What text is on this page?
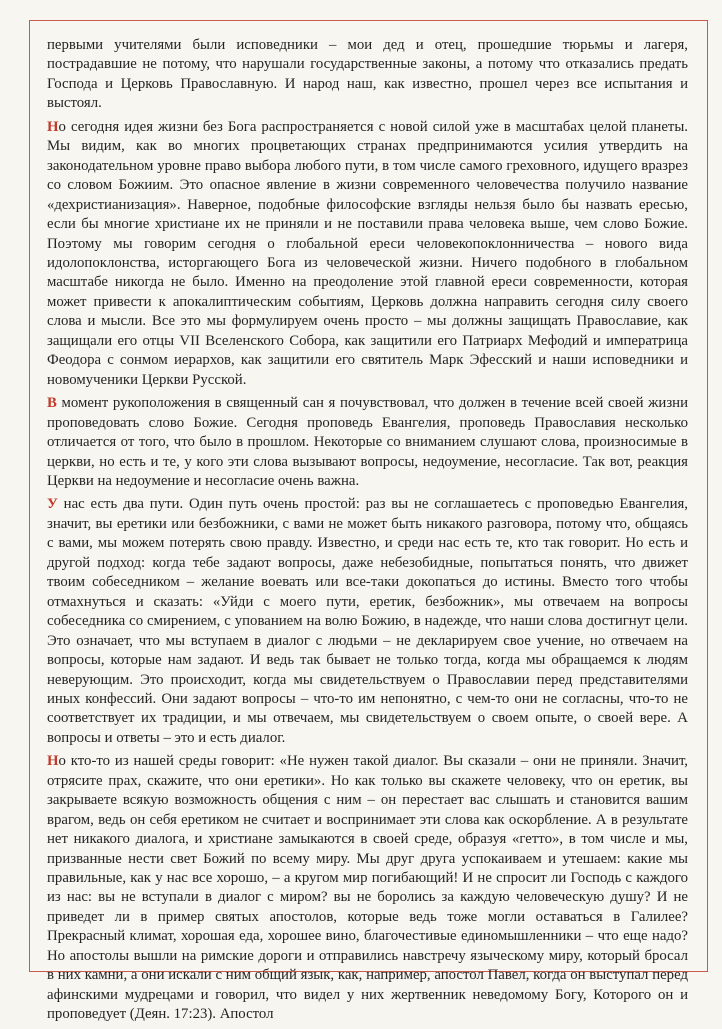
первыми учителями были исповедники – мои дед и отец, прошедшие тюрьмы и лагеря, пострадавшие не потому, что нарушали государственные законы, а потому что отказались предать Господа и Церковь Православную. И народ наш, как известно, прошел через все испытания и выстоял.

Но сегодня идея жизни без Бога распространяется с новой силой уже в масштабах целой планеты. Мы видим, как во многих процветающих странах предпринимаются усилия утвердить на законодательном уровне право выбора любого пути, в том числе самого греховного, идущего вразрез со словом Божиим. Это опасное явление в жизни современного человечества получило название «дехристианизация». Наверное, подобные философские взгляды нельзя было бы назвать ересью, если бы многие христиане их не приняли и не поставили права человека выше, чем слово Божие. Поэтому мы говорим сегодня о глобальной ереси человекопоклонничества – нового вида идолопоклонства, исторгающего Бога из человеческой жизни. Ничего подобного в глобальном масштабе никогда не было. Именно на преодоление этой главной ереси современности, которая может привести к апокалиптическим событиям, Церковь должна направить сегодня силу своего слова и мысли. Все это мы формулируем очень просто – мы должны защищать Православие, как защищали его отцы VII Вселенского Собора, как защитили его Патриарх Мефодий и императрица Феодора с сонмом иерархов, как защитили его святитель Марк Эфесский и наши исповедники и новомученики Церкви Русской.

В момент рукоположения в священный сан я почувствовал, что должен в течение всей своей жизни проповедовать слово Божие. Сегодня проповедь Евангелия, проповедь Православия несколько отличается от того, что было в прошлом. Некоторые со вниманием слушают слова, произносимые в церкви, но есть и те, у кого эти слова вызывают вопросы, недоумение, несогласие. Так вот, реакция Церкви на недоумение и несогласие очень важна.

У нас есть два пути. Один путь очень простой: раз вы не соглашаетесь с проповедью Евангелия, значит, вы еретики или безбожники, с вами не может быть никакого разговора, потому что, общаясь с вами, мы можем потерять свою правду. Известно, и среди нас есть те, кто так говорит. Но есть и другой подход: когда тебе задают вопросы, даже небезобидные, попытаться понять, что движет твоим собеседником – желание воевать или все-таки докопаться до истины. Вместо того чтобы отмахнуться и сказать: «Уйди с моего пути, еретик, безбожник», мы отвечаем на вопросы собеседника со смирением, с упованием на волю Божию, в надежде, что наши слова достигнут цели. Это означает, что мы вступаем в диалог с людьми – не декларируем свое учение, но отвечаем на вопросы, которые нам задают. И ведь так бывает не только тогда, когда мы обращаемся к людям неверующим. Это происходит, когда мы свидетельствуем о Православии перед представителями иных конфессий. Они задают вопросы – что-то им непонятно, с чем-то они не согласны, что-то не соответствует их традиции, и мы отвечаем, мы свидетельствуем о своем опыте, о своей вере. А вопросы и ответы – это и есть диалог.

Но кто-то из нашей среды говорит: «Не нужен такой диалог. Вы сказали – они не приняли. Значит, отрясите прах, скажите, что они еретики». Но как только вы скажете человеку, что он еретик, вы закрываете всякую возможность общения с ним – он перестает вас слышать и становится вашим врагом, ведь он себя еретиком не считает и воспринимает эти слова как оскорбление. А в результате нет никакого диалога, и христиане замыкаются в своей среде, образуя «гетто», в том числе и мы, призванные нести свет Божий по всему миру. Мы друг друга успокаиваем и утешаем: какие мы правильные, как у нас все хорошо, – а кругом мир погибающий! И не спросит ли Господь с каждого из нас: вы не вступали в диалог с миром? вы не боролись за каждую человеческую душу? И не приведет ли в пример святых апостолов, которые ведь тоже могли оставаться в Галилее? Прекрасный климат, хорошая еда, хорошее вино, благочестивые единомышленники – что еще надо? Но апостолы вышли на римские дороги и отправились навстречу языческому миру, который бросал в них камни, а они искали с ним общий язык, как, например, апостол Павел, когда он выступал перед афинскими мудрецами и говорил, что видел у них жертвенник неведомому Богу, Которого он и проповедует (Деян. 17:23). Апостол
